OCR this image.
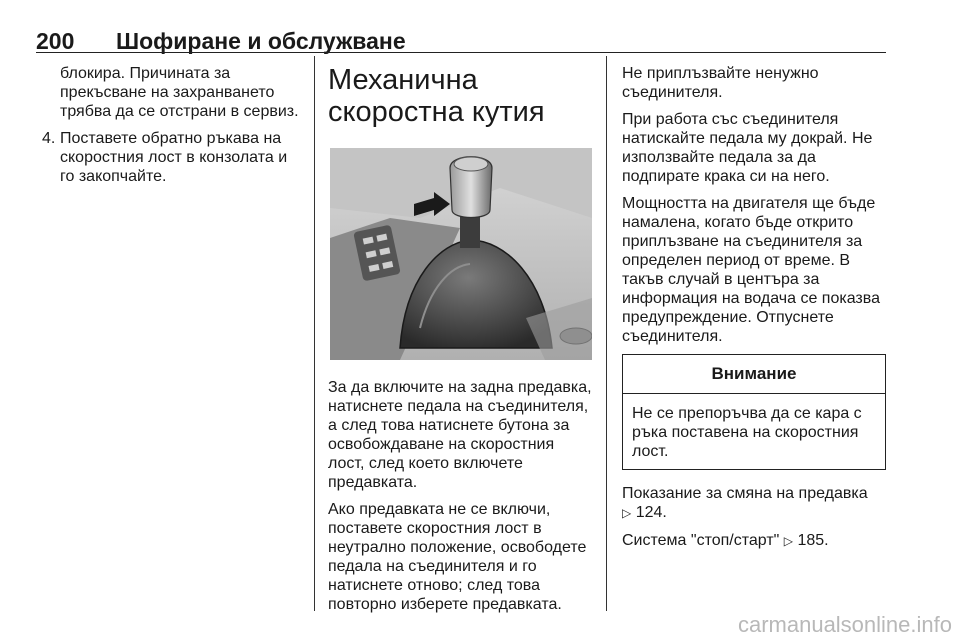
200 Шофиране и обслужване

блокира. Причината за прекъсване на захранването трябва да се отстрани в сервиз.

4. Поставете обратно ръкава на скоростния лост в конзолата и го закопчайте.
Механична скоростна кутия

За да включите на задна предавка, натиснете педала на съединителя, а след това натиснете бутона за освобождаване на скоростния лост, след което включете предавката.

Ако предавката не се включи, поставете скоростния лост в неутрално положение, освободете педала на съединителя и го натиснете отново; след това повторно изберете предавката.

Не приплъзвайте ненужно съединителя.

При работа със съединителя натискайте педала му докрай. Не използвайте педала за да подпирате крака си на него.

Мощността на двигателя ще бъде намалена, когато бъде открито приплъзване на съединителя за определен период от време. В такъв случай в центъра за информация на водача се показва предупреждение. Отпуснете съединителя.

Внимание
Не се препоръчва да се кара с ръка поставена на скоростния лост.

Показание за смяна на предавка
▷ 124.

Система "стоп/старт" ▷ 185.

carmanualsonline.info
